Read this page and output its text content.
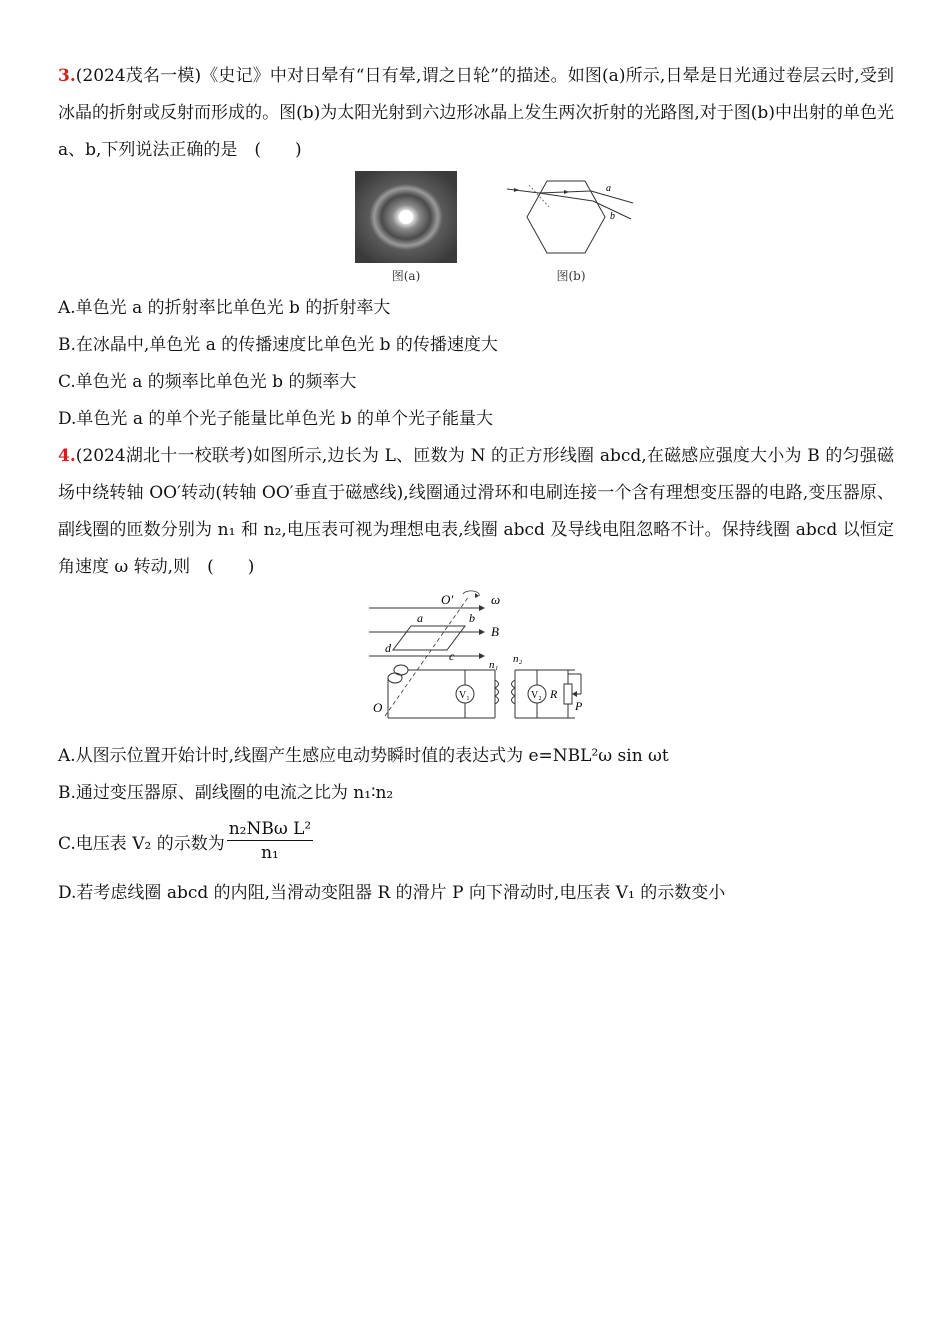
3.(2024茂名一模)《史记》中对日晕有“日有晕,谓之日轮”的描述。如图(a)所示,日晕是日光通过卷层云时,受到冰晶的折射或反射而形成的。图(b)为太阳光射到六边形冰晶上发生两次折射的光路图,对于图(b)中出射的单色光 a、b,下列说法正确的是　(　　)

图(a)
a
b
图(b)

A.单色光 a 的折射率比单色光 b 的折射率大

B.在冰晶中,单色光 a 的传播速度比单色光 b 的传播速度大

C.单色光 a 的频率比单色光 b 的频率大

D.单色光 a 的单个光子能量比单色光 b 的单个光子能量大

4.(2024湖北十一校联考)如图所示,边长为 L、匝数为 N 的正方形线圈 abcd,在磁感应强度大小为 B 的匀强磁场中绕转轴 OO′转动(转轴 OO′垂直于磁感线),线圈通过滑环和电刷连接一个含有理想变压器的电路,变压器原、副线圈的匝数分别为 n₁ 和 n₂,电压表可视为理想电表,线圈 abcd 及导线电阻忽略不计。保持线圈 abcd 以恒定角速度 ω 转动,则　(　　)

O′	ω
B
a	b
d
c
O
V₁
n₁ n₂
V₂ R
P

A.从图示位置开始计时,线圈产生感应电动势瞬时值的表达式为 e=NBL²ω sin ωt

B.通过变压器原、副线圈的电流之比为 n₁∶n₂

C.电压表 V₂ 的示数为 $\frac{\text{n₂NBω L²}}{\text{n₁}}$

D.若考虑线圈 abcd 的内阻,当滑动变阻器 R 的滑片 P 向下滑动时,电压表 V₁ 的示数变小
